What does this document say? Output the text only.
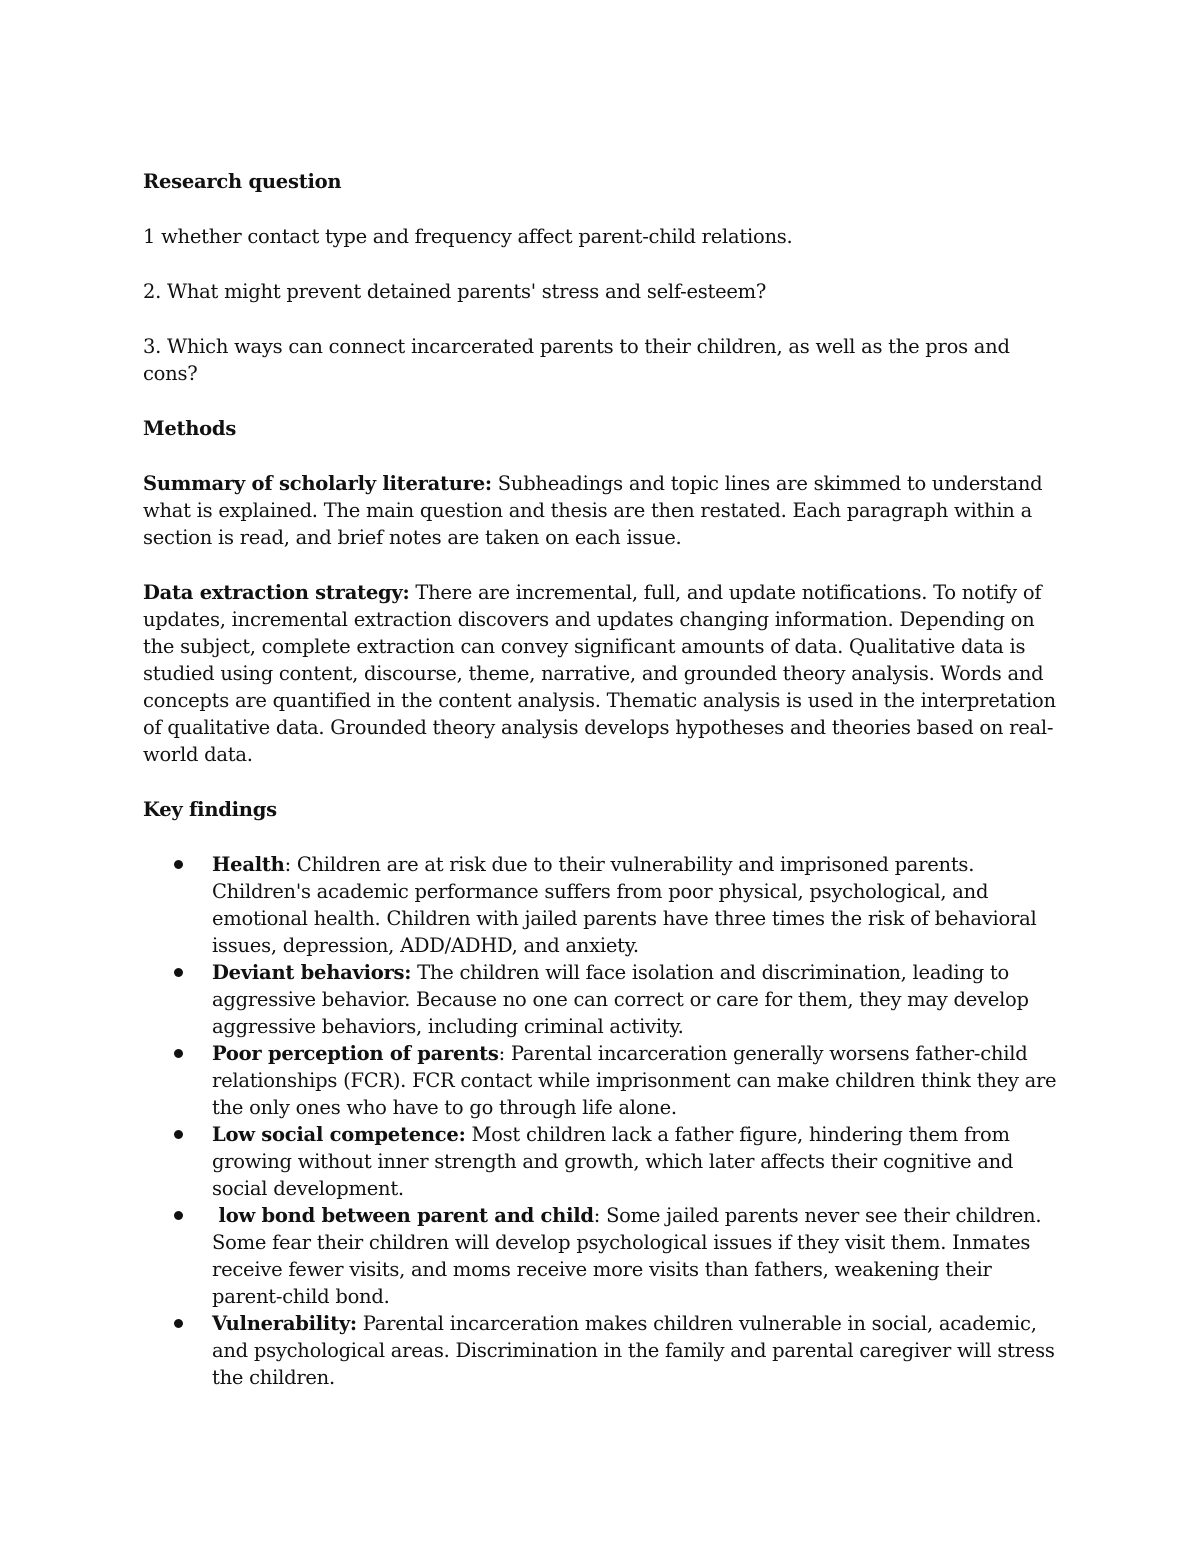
Research question
1 whether contact type and frequency affect parent-child relations.
2. What might prevent detained parents' stress and self-esteem?
3. Which ways can connect incarcerated parents to their children, as well as the pros and cons?
Methods
Summary of scholarly literature: Subheadings and topic lines are skimmed to understand what is explained. The main question and thesis are then restated. Each paragraph within a section is read, and brief notes are taken on each issue.
Data extraction strategy: There are incremental, full, and update notifications. To notify of updates, incremental extraction discovers and updates changing information. Depending on the subject, complete extraction can convey significant amounts of data. Qualitative data is studied using content, discourse, theme, narrative, and grounded theory analysis. Words and concepts are quantified in the content analysis. Thematic analysis is used in the interpretation of qualitative data. Grounded theory analysis develops hypotheses and theories based on real-world data.
Key findings
Health: Children are at risk due to their vulnerability and imprisoned parents. Children's academic performance suffers from poor physical, psychological, and emotional health. Children with jailed parents have three times the risk of behavioral issues, depression, ADD/ADHD, and anxiety.
Deviant behaviors: The children will face isolation and discrimination, leading to aggressive behavior. Because no one can correct or care for them, they may develop aggressive behaviors, including criminal activity.
Poor perception of parents: Parental incarceration generally worsens father-child relationships (FCR). FCR contact while imprisonment can make children think they are the only ones who have to go through life alone.
Low social competence: Most children lack a father figure, hindering them from growing without inner strength and growth, which later affects their cognitive and social development.
low bond between parent and child: Some jailed parents never see their children. Some fear their children will develop psychological issues if they visit them. Inmates receive fewer visits, and moms receive more visits than fathers, weakening their parent-child bond.
Vulnerability: Parental incarceration makes children vulnerable in social, academic, and psychological areas. Discrimination in the family and parental caregiver will stress the children.
